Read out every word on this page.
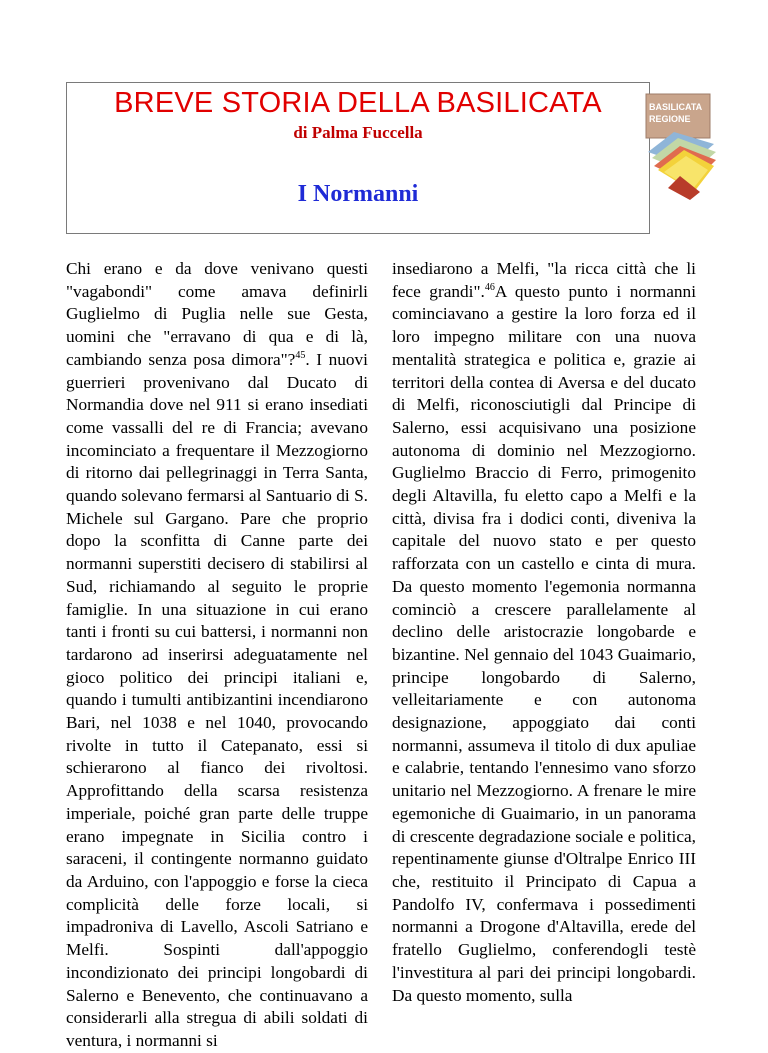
BREVE STORIA DELLA BASILICATA
di Palma Fuccella
I Normanni
BASILICATA
REGIONE

Chi erano e da dove venivano questi "vagabondi" come amava definirli Guglielmo di Puglia nelle sue Gesta, uomini che "erravano di qua e di là, cambiando senza posa dimora"?$^{45}$. I nuovi guerrieri provenivano dal Ducato di Normandia dove nel 911 si erano insediati come vassalli del re di Francia; avevano incominciato a frequentare il Mezzogiorno di ritorno dai pellegrinaggi in Terra Santa, quando solevano fermarsi al Santuario di S. Michele sul Gargano. Pare che proprio dopo la sconfitta di Canne parte dei normanni superstiti decisero di stabilirsi al Sud, richiamando al seguito le proprie famiglie. In una situazione in cui erano tanti i fronti su cui battersi, i normanni non tardarono ad inserirsi adeguatamente nel gioco politico dei principi italiani e, quando i tumulti antibizantini incendiarono Bari, nel 1038 e nel 1040, provocando rivolte in tutto il Catepanato, essi si schierarono al fianco dei rivoltosi. Approfittando della scarsa resistenza imperiale, poiché gran parte delle truppe erano impegnate in Sicilia contro i saraceni, il contingente normanno guidato da Arduino, con l'appoggio e forse la cieca complicità delle forze locali, si impadroniva di Lavello, Ascoli Satriano e Melfi. Sospinti dall'appoggio incondizionato dei principi longobardi di Salerno e Benevento, che continuavano a considerarli alla stregua di abili soldati di ventura, i normanni si

insediarono a Melfi, "la ricca città che li fece grandi".$^{46}$A questo punto i normanni cominciavano a gestire la loro forza ed il loro impegno militare con una nuova mentalità strategica e politica e, grazie ai territori della contea di Aversa e del ducato di Melfi, riconosciutigli dal Principe di Salerno, essi acquisivano una posizione autonoma di dominio nel Mezzogiorno. Guglielmo Braccio di Ferro, primogenito degli Altavilla, fu eletto capo a Melfi e la città, divisa fra i dodici conti, diveniva la capitale del nuovo stato e per questo rafforzata con un castello e cinta di mura. Da questo momento l'egemonia normanna cominciò a crescere parallelamente al declino delle aristocrazie longobarde e bizantine. Nel gennaio del 1043 Guaimario, principe longobardo di Salerno, velleitariamente e con autonoma designazione, appoggiato dai conti normanni, assumeva il titolo di dux apuliae e calabrie, tentando l'ennesimo vano sforzo unitario nel Mezzogiorno. A frenare le mire egemoniche di Guaimario, in un panorama di crescente degradazione sociale e politica, repentinamente giunse d'Oltralpe Enrico III che, restituito il Principato di Capua a Pandolfo IV, confermava i possedimenti normanni a Drogone d'Altavilla, erede del fratello Guglielmo, conferendogli testè l'investitura al pari dei principi longobardi. Da questo momento, sulla
